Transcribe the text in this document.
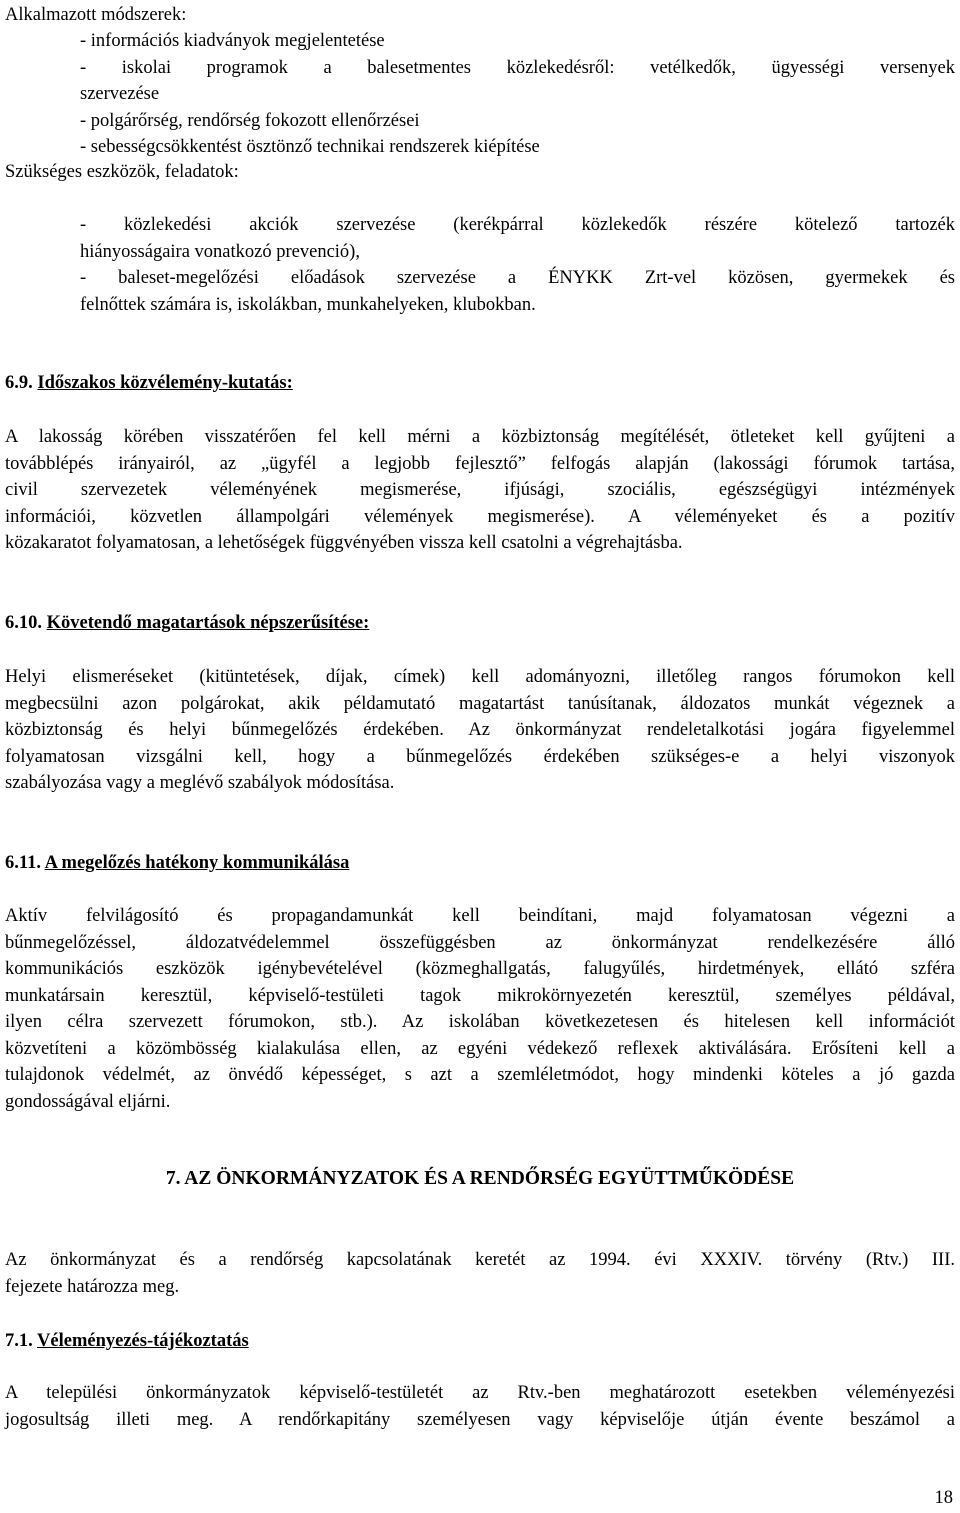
Alkalmazott módszerek:
- információs kiadványok megjelentetése
- iskolai programok a balesetmentes közlekedésről: vetélkedők, ügyességi versenyek
szervezése
- polgárőrség, rendőrség fokozott ellenőrzései
- sebességcsökkentést ösztönző technikai rendszerek kiépítése
Szükséges eszközök, feladatok:
- közlekedési akciók szervezése (kerékpárral közlekedők részére kötelező tartozék
hiányosságaira vonatkozó prevenció),
- baleset-megelőzési előadások szervezése a ÉNYKK Zrt-vel közösen, gyermekek és
felnőttek számára is, iskolákban, munkahelyeken, klubokban.
6.9. Időszakos közvélemény-kutatás:
A lakosság körében visszatérően fel kell mérni a közbiztonság megítélését, ötleteket kell gyűjteni a
továbblépés irányairól, az „ügyfél a legjobb fejlesztő” felfogás alapján (lakossági fórumok tartása,
civil szervezetek véleményének megismerése, ifjúsági, szociális, egészségügyi intézmények
információi, közvetlen állampolgári vélemények megismerése). A véleményeket és a pozitív
közakaratot folyamatosan, a lehetőségek függvényében vissza kell csatolni a végrehajtásba.
6.10. Követendő magatartások népszerűsítése:
Helyi elismeréseket (kitüntetések, díjak, címek) kell adományozni, illetőleg rangos fórumokon kell
megbecsülni azon polgárokat, akik példamutató magatartást tanúsítanak, áldozatos munkát végeznek a
közbiztonság és helyi bűnmegelőzés érdekében. Az önkormányzat rendeletalkotási jogára figyelemmel
folyamatosan vizsgálni kell, hogy a bűnmegelőzés érdekében szükséges-e a helyi viszonyok
szabályozása vagy a meglévő szabályok módosítása.
6.11. A megelőzés hatékony kommunikálása
Aktív felvilágosító és propagandamunkát kell beindítani, majd folyamatosan végezni a
bűnmegelőzéssel, áldozatvédelemmel összefüggésben az önkormányzat rendelkezésére álló
kommunikációs eszközök igénybevételével (közmeghallgatás, falugyűlés, hirdetmények, ellátó szféra
munkatársain keresztül, képviselő-testületi tagok mikrokörnyezetén keresztül, személyes példával,
ilyen célra szervezett fórumokon, stb.). Az iskolában következetesen és hitelesen kell információt
közvetíteni a közömbösség kialakulása ellen, az egyéni védekező reflexek aktiválására. Erősíteni kell a
tulajdonok védelmét, az önvédő képességet, s azt a szemléletmódot, hogy mindenki köteles a jó gazda
gondosságával eljárni.
7. AZ ÖNKORMÁNYZATOK ÉS A RENDŐRSÉG EGYÜTTMŰKÖDÉSE
Az önkormányzat és a rendőrség kapcsolatának keretét az 1994. évi XXXIV. törvény (Rtv.) III.
fejezete határozza meg.
7.1. Véleményezés-tájékoztatás
A települési önkormányzatok képviselő-testületét az Rtv.-ben meghatározott esetekben véleményezési
jogosultság illeti meg. A rendőrkapitány személyesen vagy képviselője útján évente beszámol a
18
